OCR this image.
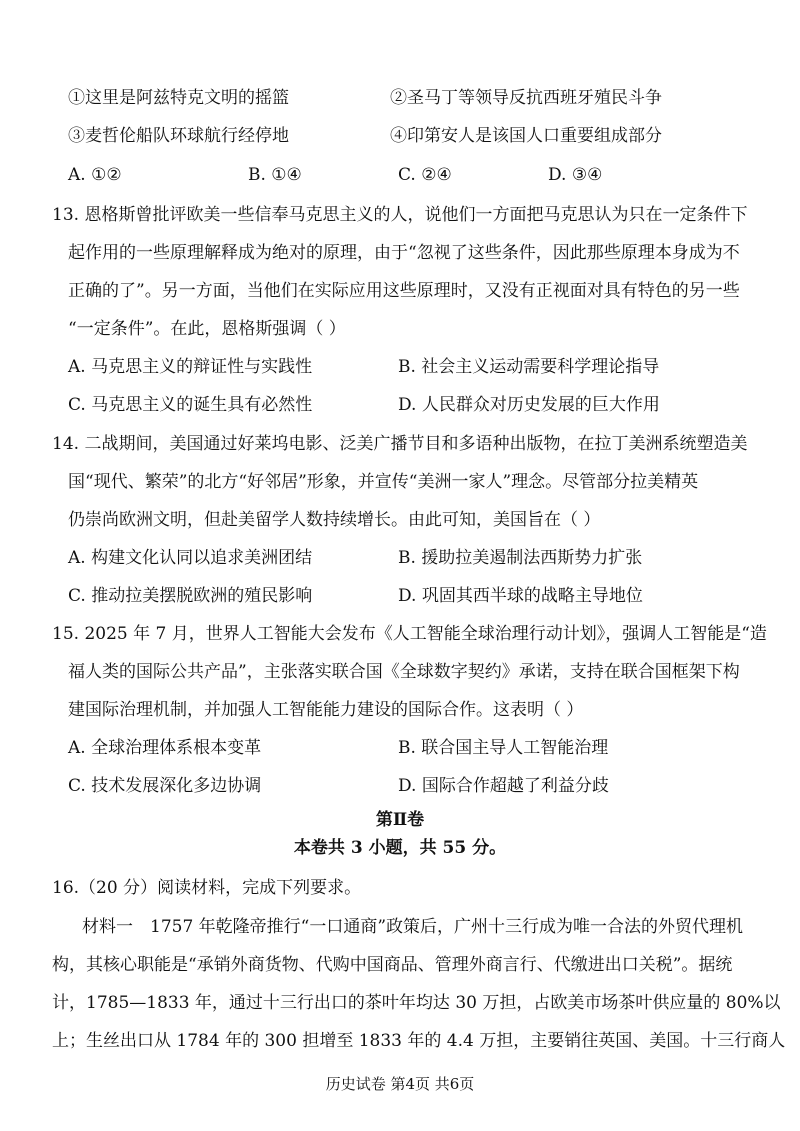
①这里是阿兹特克文明的摇篮	②圣马丁等领导反抗西班牙殖民斗争
③麦哲伦船队环球航行经停地	④印第安人是该国人口重要组成部分
A. ①②	B. ①④	C. ②④	D. ③④
13. 恩格斯曾批评欧美一些信奉马克思主义的人，说他们一方面把马克思认为只在一定条件下
起作用的一些原理解释成为绝对的原理，由于“忽视了这些条件，因此那些原理本身成为不
正确的了”。另一方面，当他们在实际应用这些原理时，又没有正视面对具有特色的另一些
“一定条件”。在此，恩格斯强调（ ）
A. 马克思主义的辩证性与实践性	B. 社会主义运动需要科学理论指导
C. 马克思主义的诞生具有必然性	D. 人民群众对历史发展的巨大作用
14. 二战期间，美国通过好莱坞电影、泛美广播节目和多语种出版物，在拉丁美洲系统塑造美
国“现代、繁荣”的北方“好邻居”形象，并宣传“美洲一家人”理念。尽管部分拉美精英
仍崇尚欧洲文明，但赴美留学人数持续增长。由此可知，美国旨在（ ）
A. 构建文化认同以追求美洲团结	B. 援助拉美遏制法西斯势力扩张
C. 推动拉美摆脱欧洲的殖民影响	D. 巩固其西半球的战略主导地位
15. 2025 年 7 月，世界人工智能大会发布《人工智能全球治理行动计划》，强调人工智能是“造
福人类的国际公共产品”，主张落实联合国《全球数字契约》承诺，支持在联合国框架下构
建国际治理机制，并加强人工智能能力建设的国际合作。这表明（ ）
A. 全球治理体系根本变革	B. 联合国主导人工智能治理
C. 技术发展深化多边协调	D. 国际合作超越了利益分歧
第Ⅱ卷
本卷共 3 小题，共 55 分。
16.（20 分）阅读材料，完成下列要求。
材料一　1757 年乾隆帝推行“一口通商”政策后，广州十三行成为唯一合法的外贸代理机
构，其核心职能是“承销外商货物、代购中国商品、管理外商言行、代缴进出口关税”。据统
计，1785—1833 年，通过十三行出口的茶叶年均达 30 万担，占欧美市场茶叶供应量的 80%以
上；生丝出口从 1784 年的 300 担增至 1833 年的 4.4 万担，主要销往英国、美国。十三行商人
历史试卷 第4页 共6页
